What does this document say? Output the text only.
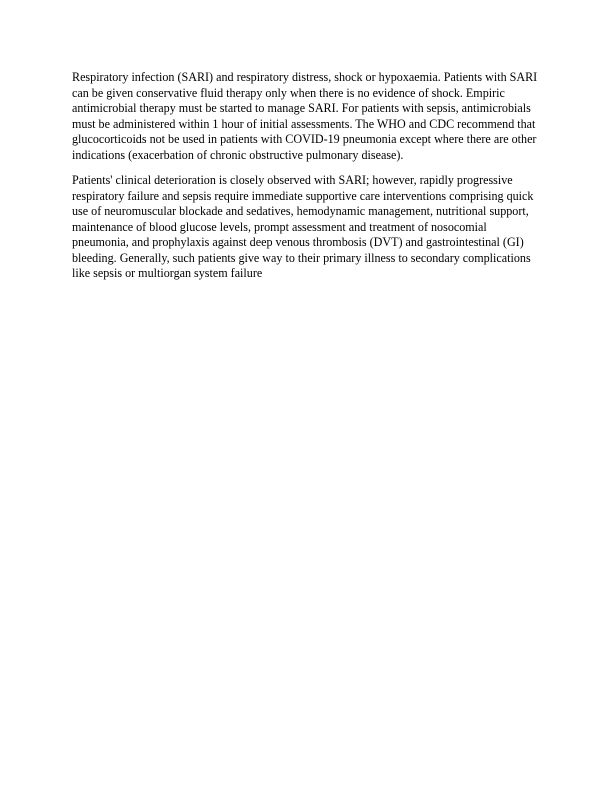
Respiratory infection (SARI) and respiratory distress, shock or hypoxaemia. Patients with SARI
can be given conservative fluid therapy only when there is no evidence of shock. Empiric
antimicrobial therapy must be started to manage SARI. For patients with sepsis, antimicrobials
must be administered within 1 hour of initial assessments. The WHO and CDC recommend that
glucocorticoids not be used in patients with COVID-19 pneumonia except where there are other
indications (exacerbation of chronic obstructive pulmonary disease).

Patients' clinical deterioration is closely observed with SARI; however, rapidly progressive
respiratory failure and sepsis require immediate supportive care interventions comprising quick
use of neuromuscular blockade and sedatives, hemodynamic management, nutritional support,
maintenance of blood glucose levels, prompt assessment and treatment of nosocomial
pneumonia, and prophylaxis against deep venous thrombosis (DVT) and gastrointestinal (GI)
bleeding. Generally, such patients give way to their primary illness to secondary complications
like sepsis or multiorgan system failure
